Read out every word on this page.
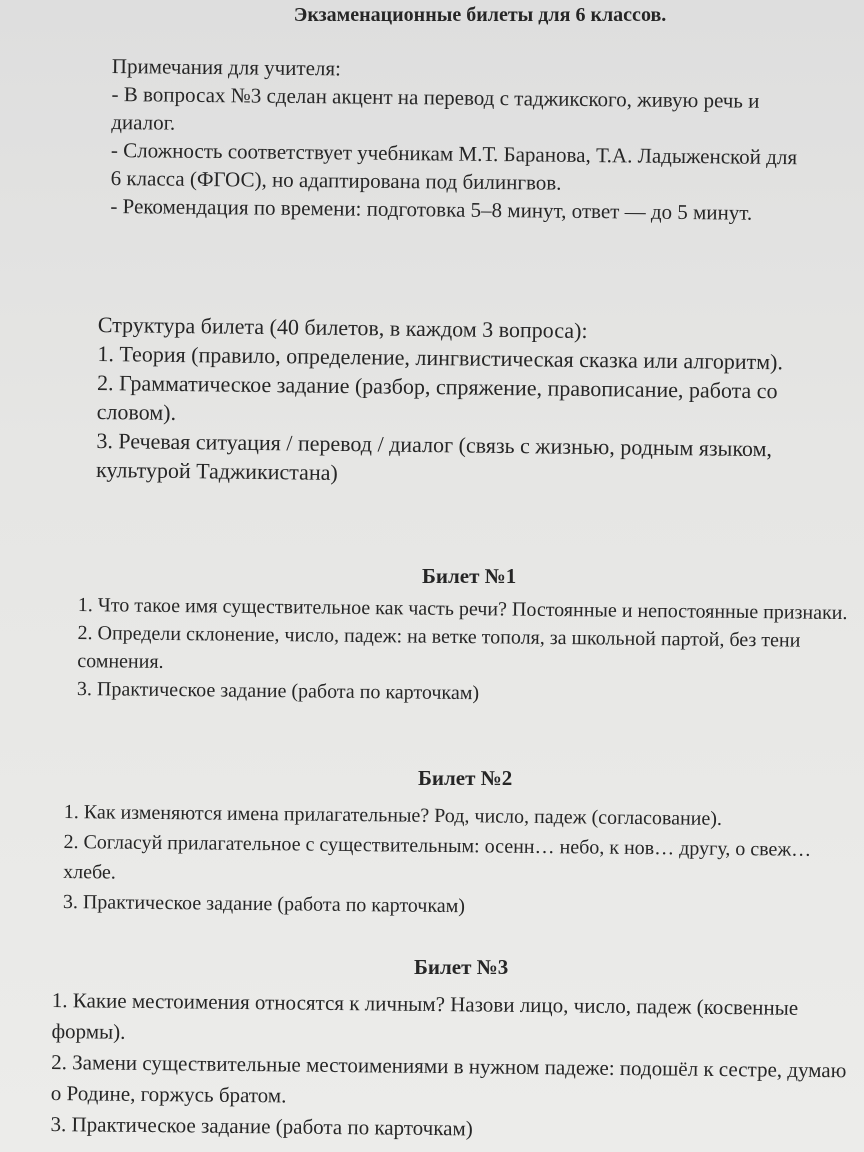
Экзаменационные билеты для 6 классов.

Примечания для учителя:

- В вопросах №3 сделан акцент на перевод с таджикского, живую речь и диалог.

- Сложность соответствует учебникам М.Т. Баранова, Т.А. Ладыженской для 6 класса (ФГОС), но адаптирована под билингвов.

- Рекомендация по времени: подготовка 5–8 минут, ответ — до 5 минут.

Структура билета (40 билетов, в каждом 3 вопроса):

1. Теория (правило, определение, лингвистическая сказка или алгоритм).

2. Грамматическое задание (разбор, спряжение, правописание, работа со словом).

3. Речевая ситуация / перевод / диалог (связь с жизнью, родным языком, культурой Таджикистана)

Билет №1

1. Что такое имя существительное как часть речи? Постоянные и непостоянные признаки.

2. Определи склонение, число, падеж: на ветке тополя, за школьной партой, без тени сомнения.

3. Практическое задание (работа по карточкам)

Билет №2

1. Как изменяются имена прилагательные? Род, число, падеж (согласование).

2. Согласуй прилагательное с существительным: осенн… небо, к нов… другу, о свеж… хлебе.

3. Практическое задание (работа по карточкам)

Билет №3

1. Какие местоимения относятся к личным? Назови лицо, число, падеж (косвенные формы).

2. Замени существительные местоимениями в нужном падеже: подошёл к сестре, думаю о Родине, горжусь братом.

3. Практическое задание (работа по карточкам)
